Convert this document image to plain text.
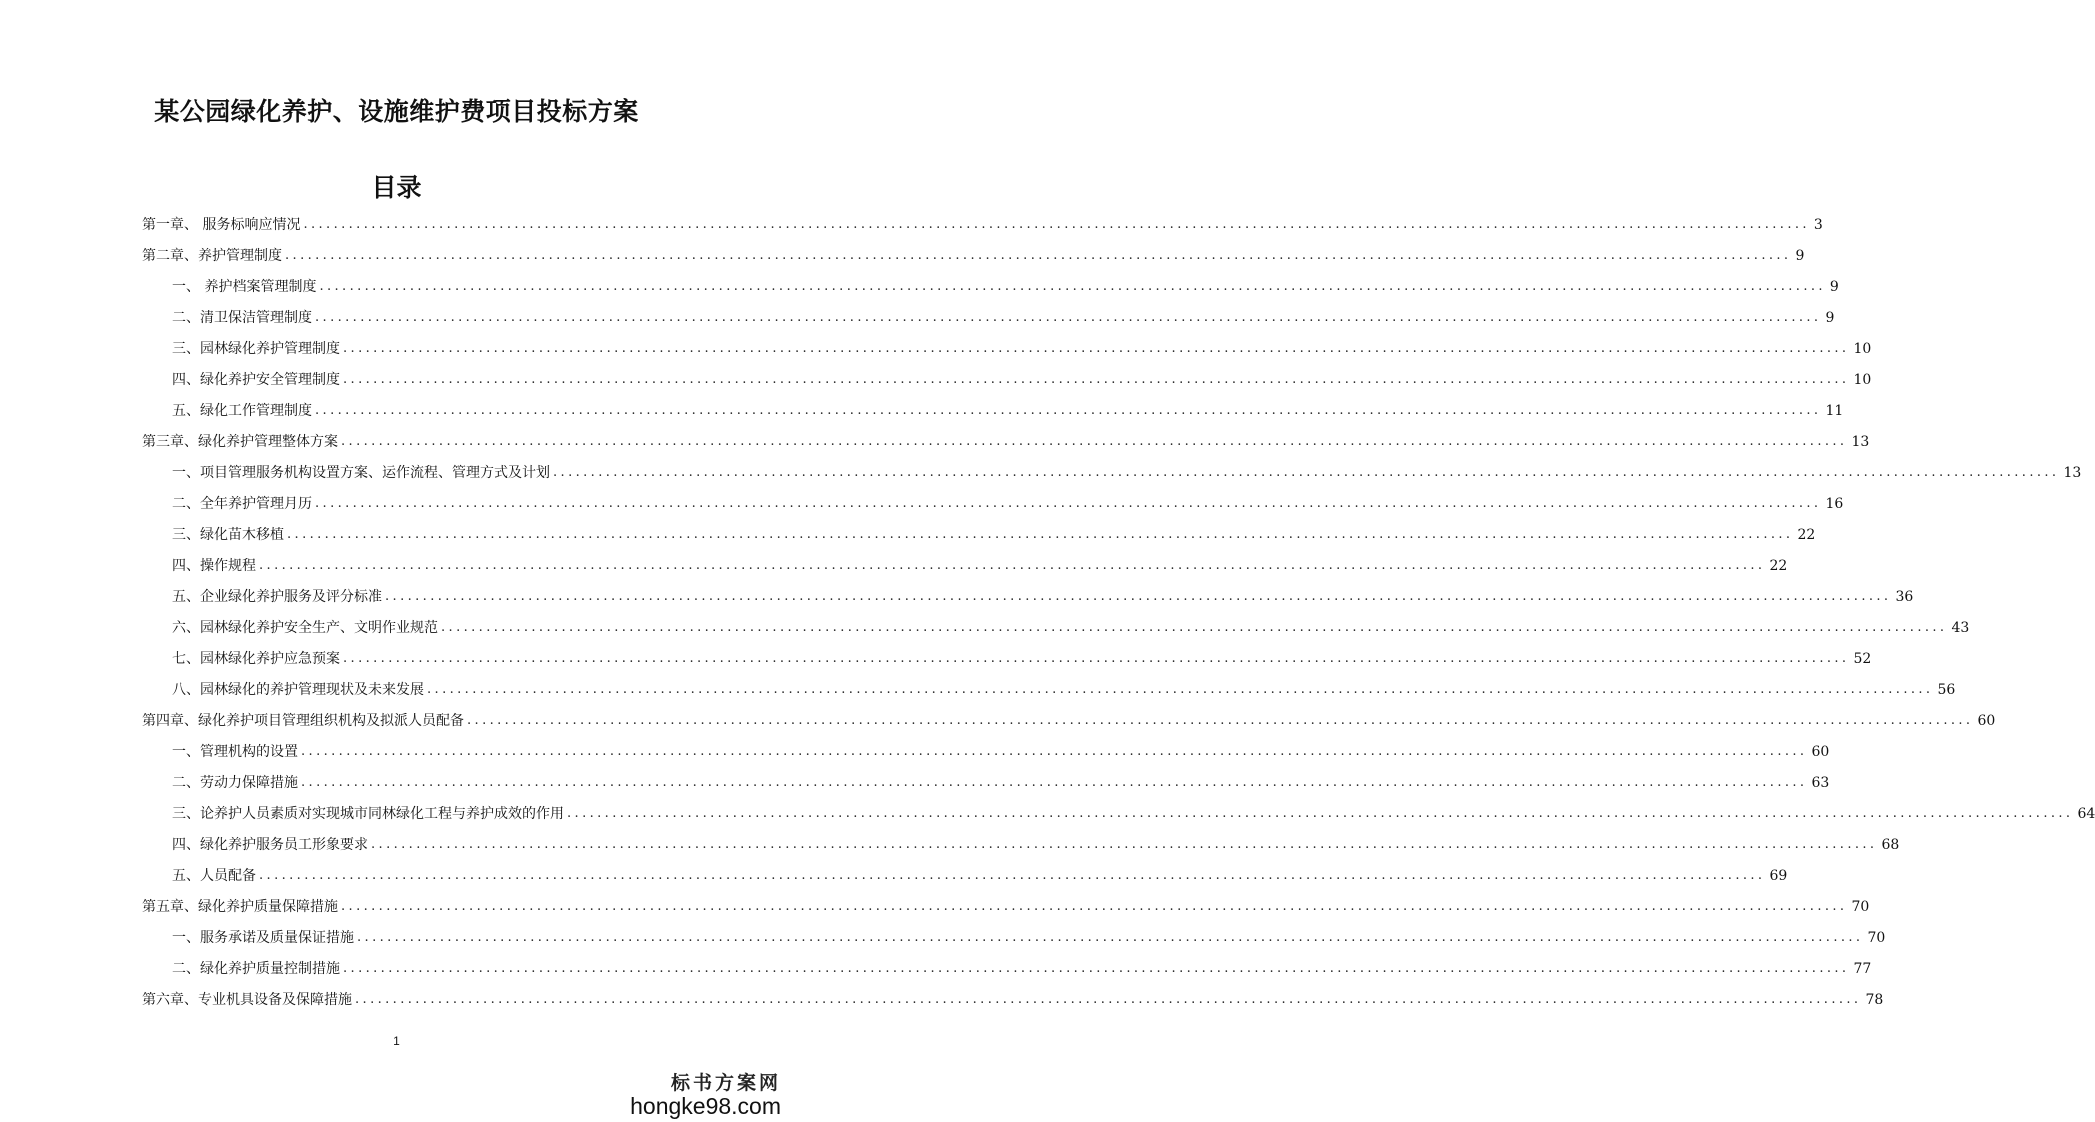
某公园绿化养护、设施维护费项目投标方案
目录
第一章、 服务标响应情况 ........................................................................................................................................................................................................ 3
第二章、养护管理制度 ........................................................................................................................................................................................................ 9
一、 养护档案管理制度 ........................................................................................................................................................................................................ 9
二、清卫保洁管理制度 ........................................................................................................................................................................................................ 9
三、园林绿化养护管理制度 ........................................................................................................................................................................................................ 10
四、绿化养护安全管理制度 ........................................................................................................................................................................................................ 10
五、绿化工作管理制度 ........................................................................................................................................................................................................ 11
第三章、绿化养护管理整体方案 ........................................................................................................................................................................................................ 13
一、项目管理服务机构设置方案、运作流程、管理方式及计划 ........................................................................................................................................................................................................ 13
二、全年养护管理月历 ........................................................................................................................................................................................................ 16
三、绿化苗木移植 ........................................................................................................................................................................................................ 22
四、操作规程 ........................................................................................................................................................................................................ 22
五、企业绿化养护服务及评分标准 ........................................................................................................................................................................................................ 36
六、园林绿化养护安全生产、文明作业规范 ........................................................................................................................................................................................................ 43
七、园林绿化养护应急预案 ........................................................................................................................................................................................................ 52
八、园林绿化的养护管理现状及未来发展 ........................................................................................................................................................................................................ 56
第四章、绿化养护项目管理组织机构及拟派人员配备 ........................................................................................................................................................................................................ 60
一、管理机构的设置 ........................................................................................................................................................................................................ 60
二、劳动力保障措施 ........................................................................................................................................................................................................ 63
三、论养护人员素质对实现城市同林绿化工程与养护成效的作用 ........................................................................................................................................................................................................ 64
四、绿化养护服务员工形象要求 ........................................................................................................................................................................................................ 68
五、人员配备 ........................................................................................................................................................................................................ 69
第五章、绿化养护质量保障措施 ........................................................................................................................................................................................................ 70
一、服务承诺及质量保证措施 ........................................................................................................................................................................................................ 70
二、绿化养护质量控制措施 ........................................................................................................................................................................................................ 77
第六章、专业机具设备及保障措施 ........................................................................................................................................................................................................ 78
1
标书方案网
hongke98.com
